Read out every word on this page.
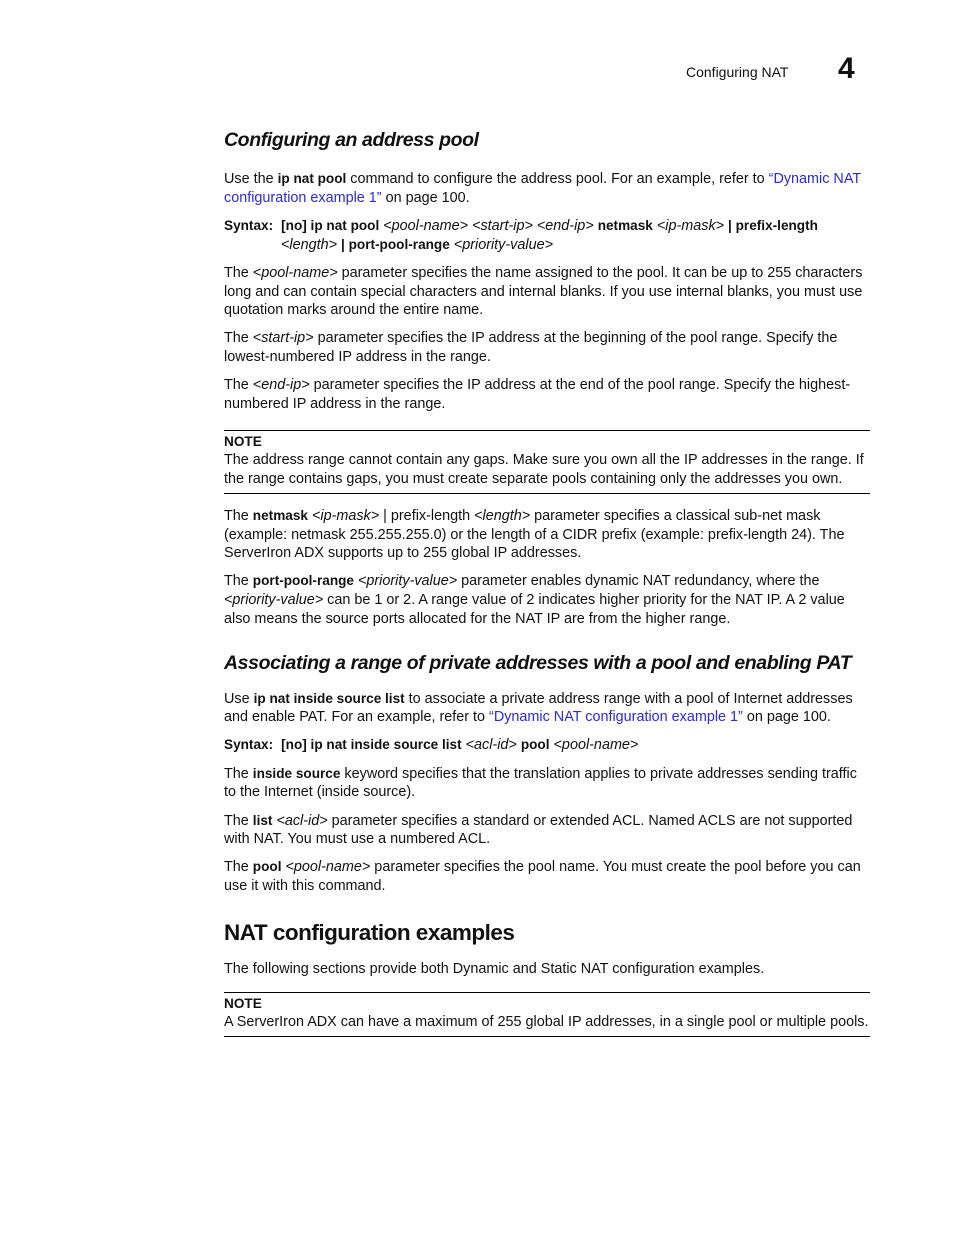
Configuring NAT 4
Configuring an address pool

Use the ip nat pool command to configure the address pool. For an example, refer to “Dynamic NAT configuration example 1” on page 100.

Syntax: [no] ip nat pool <pool-name> <start-ip> <end-ip> netmask <ip-mask> | prefix-length
<length> | port-pool-range <priority-value>

The <pool-name> parameter specifies the name assigned to the pool. It can be up to 255 characters long and can contain special characters and internal blanks. If you use internal blanks, you must use quotation marks around the entire name.

The <start-ip> parameter specifies the IP address at the beginning of the pool range. Specify the lowest-numbered IP address in the range.

The <end-ip> parameter specifies the IP address at the end of the pool range. Specify the highest-numbered IP address in the range.

NOTE
The address range cannot contain any gaps. Make sure you own all the IP addresses in the range. If the range contains gaps, you must create separate pools containing only the addresses you own.

The netmask <ip-mask> | prefix-length <length> parameter specifies a classical sub-net mask (example: netmask 255.255.255.0) or the length of a CIDR prefix (example: prefix-length 24). The ServerIron ADX supports up to 255 global IP addresses.

The port-pool-range <priority-value> parameter enables dynamic NAT redundancy, where the <priority-value> can be 1 or 2. A range value of 2 indicates higher priority for the NAT IP. A 2 value also means the source ports allocated for the NAT IP are from the higher range.

Associating a range of private addresses with a pool and enabling PAT

Use ip nat inside source list to associate a private address range with a pool of Internet addresses and enable PAT. For an example, refer to “Dynamic NAT configuration example 1” on page 100.

Syntax: [no] ip nat inside source list <acl-id> pool <pool-name>

The inside source keyword specifies that the translation applies to private addresses sending traffic to the Internet (inside source).

The list <acl-id> parameter specifies a standard or extended ACL. Named ACLS are not supported with NAT. You must use a numbered ACL.

The pool <pool-name> parameter specifies the pool name. You must create the pool before you can use it with this command.

NAT configuration examples

The following sections provide both Dynamic and Static NAT configuration examples.

NOTE
A ServerIron ADX can have a maximum of 255 global IP addresses, in a single pool or multiple pools.
